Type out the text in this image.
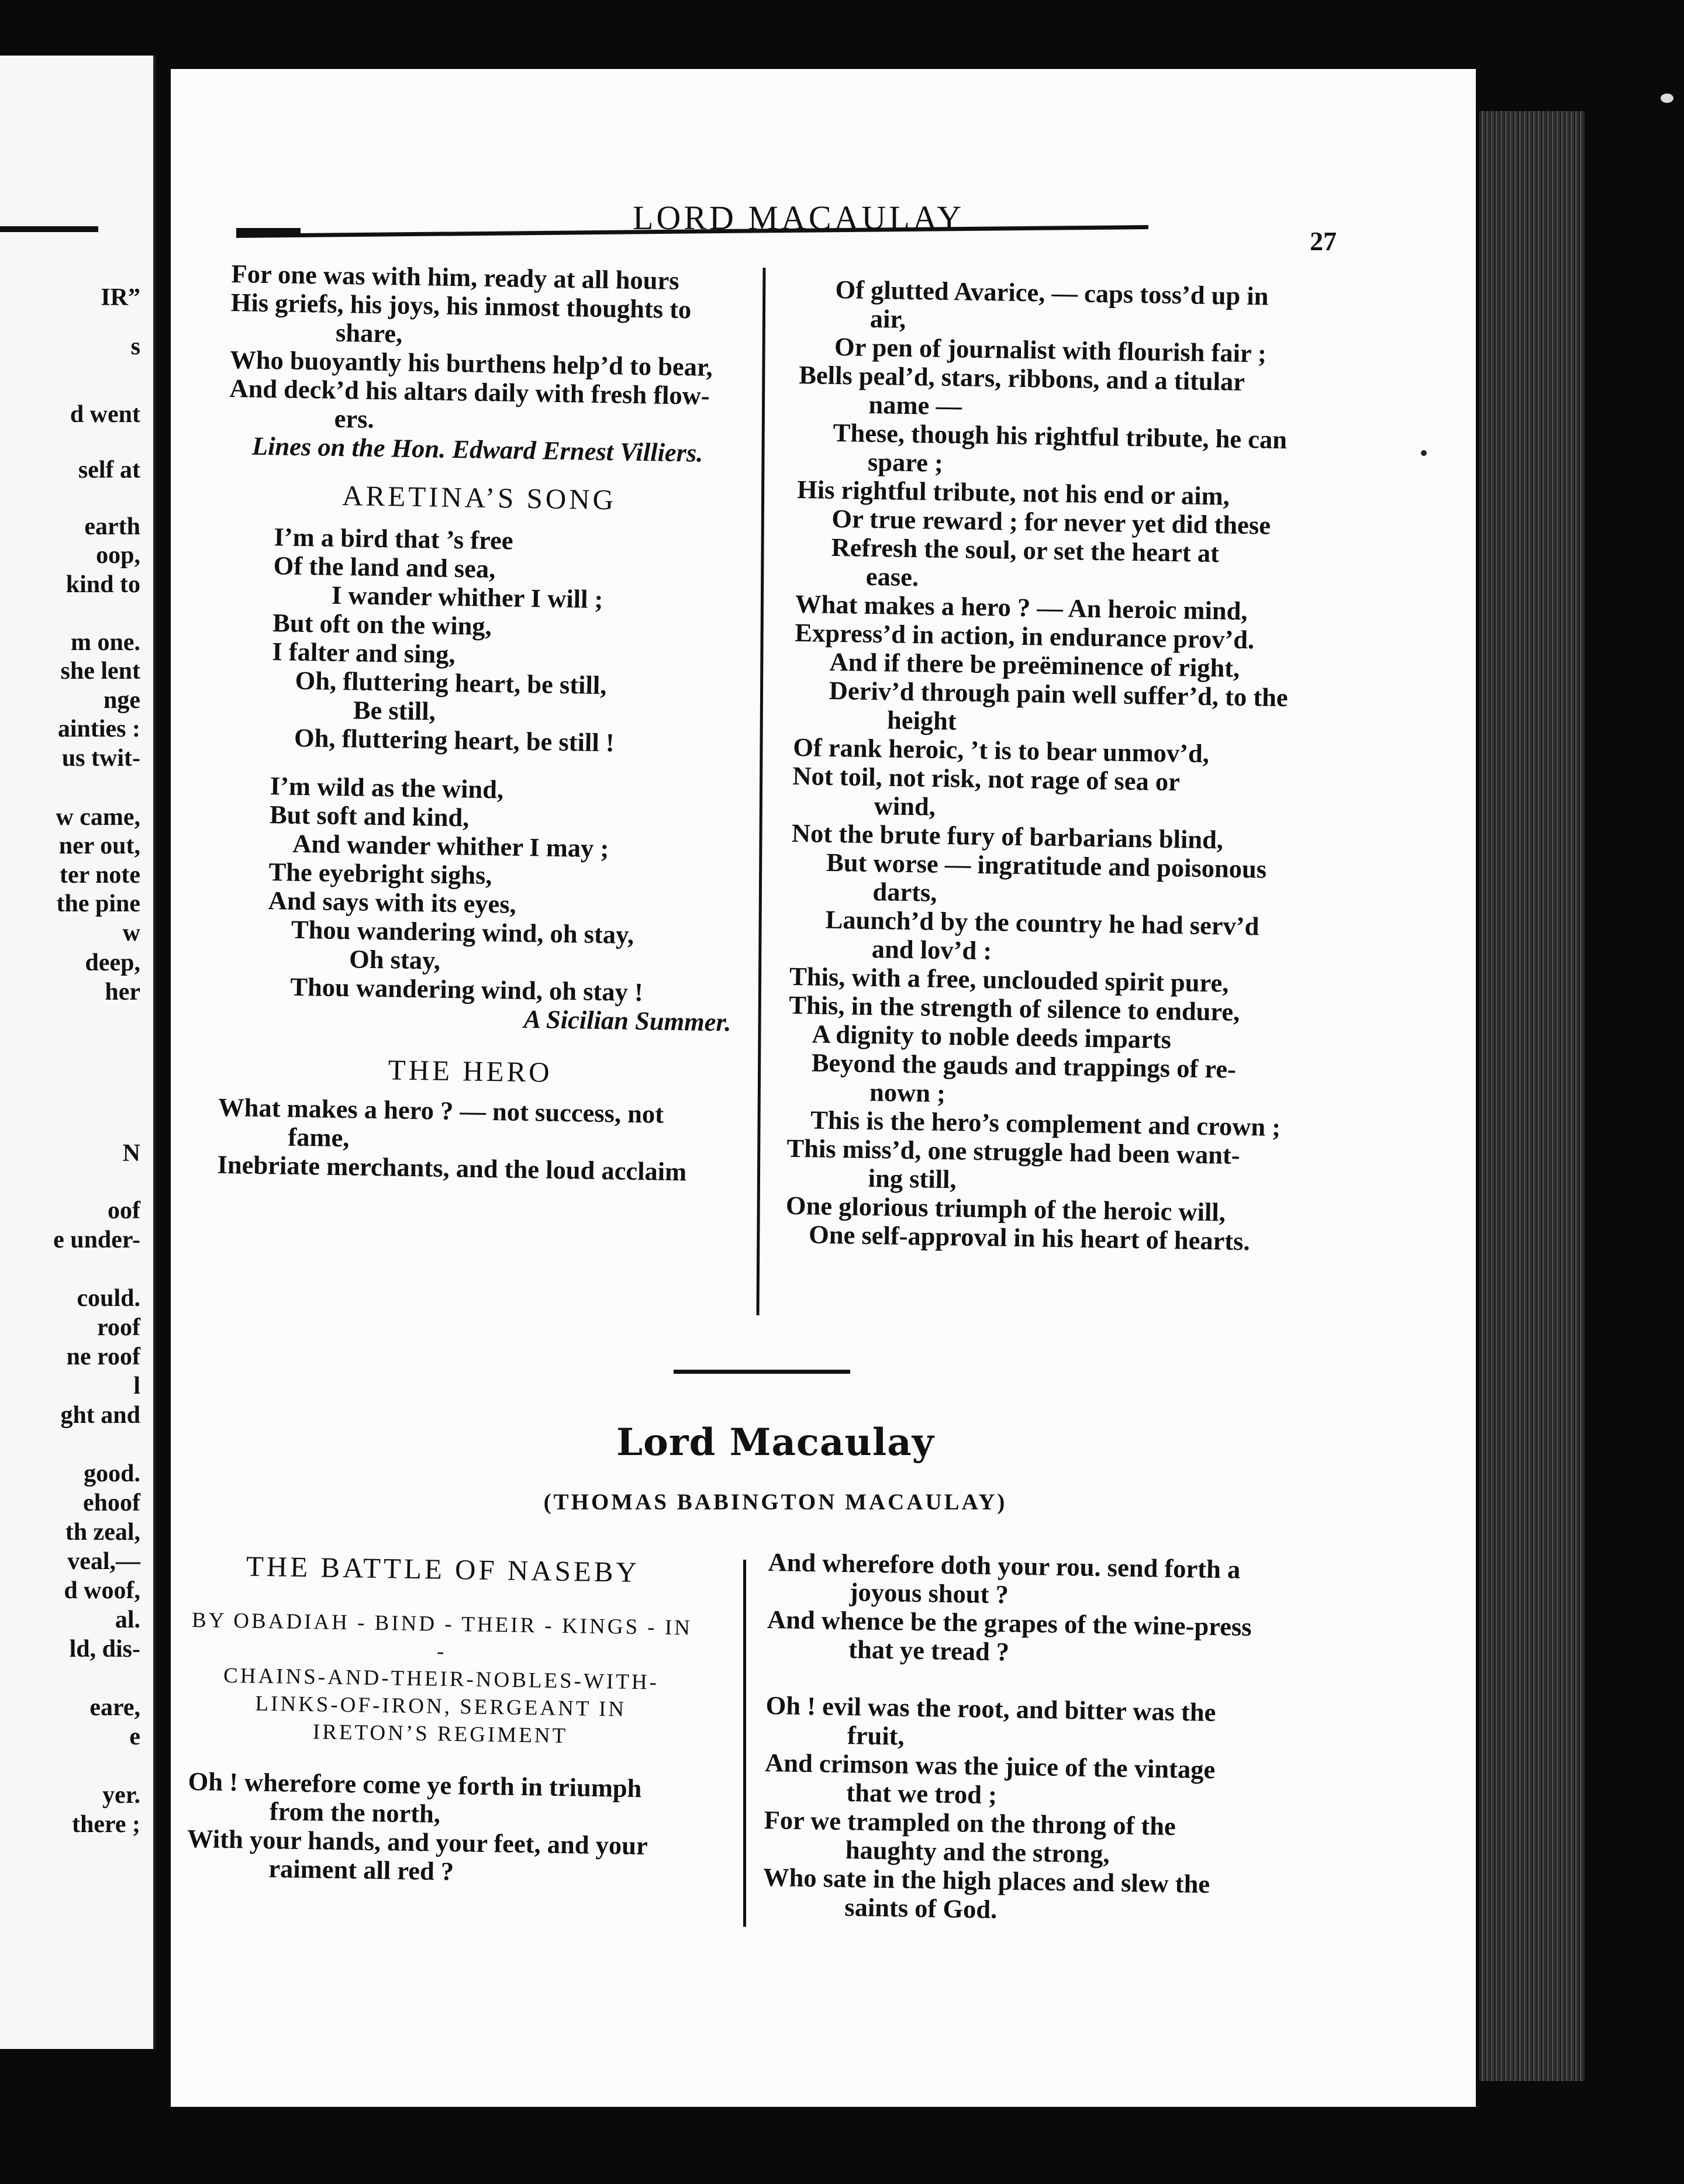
IR”
s
d went
self at
earth
oop,
kind to
m one.
she lent
nge
ainties :
us twit-
w came,
ner out,
ter note
the pine
w
deep,
her
N
oof
e under-
could.
roof
ne roof
l
ght and
good.
ehoof
th zeal,
veal,—
d woof,
al.
ld, dis-
eare,
e
yer.
there ;
LORD MACAULAY
27
For one was with him, ready at all hours
His griefs, his joys, his inmost thoughts to
share,
Who buoyantly his burthens help’d to bear,
And deck’d his altars daily with fresh flow-
ers.
Lines on the Hon. Edward Ernest Villiers.
ARETINA’S SONG
I’m a bird that ’s free
Of the land and sea,
I wander whither I will ;
But oft on the wing,
I falter and sing,
Oh, fluttering heart, be still,
Be still,
Oh, fluttering heart, be still !
I’m wild as the wind,
But soft and kind,
And wander whither I may ;
The eyebright sighs,
And says with its eyes,
Thou wandering wind, oh stay,
Oh stay,
Thou wandering wind, oh stay !
A Sicilian Summer.
THE HERO
What makes a hero ? — not success, not
fame,
Inebriate merchants, and the loud acclaim
Of glutted Avarice, — caps toss’d up in
air,
Or pen of journalist with flourish fair ;
Bells peal’d, stars, ribbons, and a titular
name —
These, though his rightful tribute, he can
spare ;
His rightful tribute, not his end or aim,
Or true reward ; for never yet did these
Refresh the soul, or set the heart at
ease.
What makes a hero ? — An heroic mind,
Express’d in action, in endurance prov’d.
And if there be preëminence of right,
Deriv’d through pain well suffer’d, to the
height
Of rank heroic, ’t is to bear unmov’d,
Not toil, not risk, not rage of sea or
wind,
Not the brute fury of barbarians blind,
But worse — ingratitude and poisonous
darts,
Launch’d by the country he had serv’d
and lov’d :
This, with a free, unclouded spirit pure,
This, in the strength of silence to endure,
A dignity to noble deeds imparts
Beyond the gauds and trappings of re-
nown ;
This is the hero’s complement and crown ;
This miss’d, one struggle had been want-
ing still,
One glorious triumph of the heroic will,
One self-approval in his heart of hearts.
Lord Macaulay
(THOMAS BABINGTON MACAULAY)
THE BATTLE OF NASEBY
BY OBADIAH - BIND - THEIR - KINGS - IN -
CHAINS-AND-THEIR-NOBLES-WITH-
LINKS-OF-IRON, SERGEANT IN
IRETON’S REGIMENT
Oh ! wherefore come ye forth in triumph
from the north,
With your hands, and your feet, and your
raiment all red ?
And wherefore doth your rou. send forth a
joyous shout ?
And whence be the grapes of the wine-press
that ye tread ?

Oh ! evil was the root, and bitter was the
fruit,
And crimson was the juice of the vintage
that we trod ;
For we trampled on the throng of the
haughty and the strong,
Who sate in the high places and slew the
saints of God.
